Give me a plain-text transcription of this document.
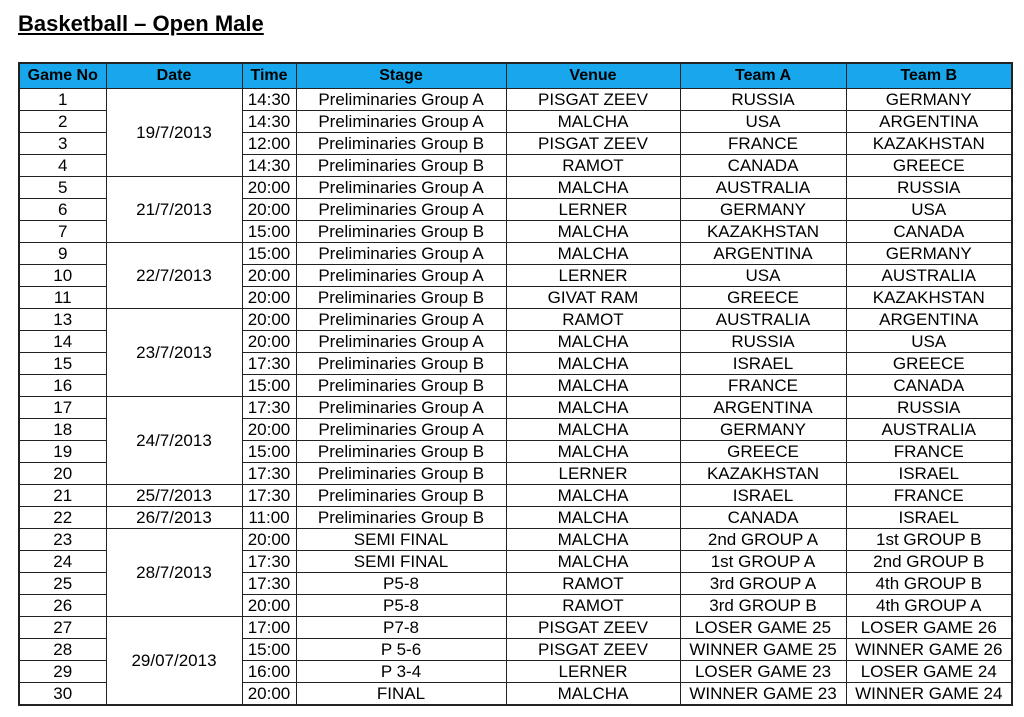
Basketball – Open Male
Game No	Date	Time	Stage	Venue	Team A	Team B
1	19/7/2013	14:30	Preliminaries Group A	PISGAT ZEEV	RUSSIA	GERMANY
2		14:30	Preliminaries Group A	MALCHA	USA	ARGENTINA
3		12:00	Preliminaries Group B	PISGAT ZEEV	FRANCE	KAZAKHSTAN
4		14:30	Preliminaries Group B	RAMOT	CANADA	GREECE
5	21/7/2013	20:00	Preliminaries Group A	MALCHA	AUSTRALIA	RUSSIA
6		20:00	Preliminaries Group A	LERNER	GERMANY	USA
7		15:00	Preliminaries Group B	MALCHA	KAZAKHSTAN	CANADA
9	22/7/2013	15:00	Preliminaries Group A	MALCHA	ARGENTINA	GERMANY
10		20:00	Preliminaries Group A	LERNER	USA	AUSTRALIA
11		20:00	Preliminaries Group B	GIVAT RAM	GREECE	KAZAKHSTAN
13	23/7/2013	20:00	Preliminaries Group A	RAMOT	AUSTRALIA	ARGENTINA
14		20:00	Preliminaries Group A	MALCHA	RUSSIA	USA
15		17:30	Preliminaries Group B	MALCHA	ISRAEL	GREECE
16		15:00	Preliminaries Group B	MALCHA	FRANCE	CANADA
17	24/7/2013	17:30	Preliminaries Group A	MALCHA	ARGENTINA	RUSSIA
18		20:00	Preliminaries Group A	MALCHA	GERMANY	AUSTRALIA
19		15:00	Preliminaries Group B	MALCHA	GREECE	FRANCE
20		17:30	Preliminaries Group B	LERNER	KAZAKHSTAN	ISRAEL
21	25/7/2013	17:30	Preliminaries Group B	MALCHA	ISRAEL	FRANCE
22	26/7/2013	11:00	Preliminaries Group B	MALCHA	CANADA	ISRAEL
23	28/7/2013	20:00	SEMI FINAL	MALCHA	2nd GROUP A	1st GROUP B
24		17:30	SEMI FINAL	MALCHA	1st GROUP A	2nd GROUP B
25		17:30	P5-8	RAMOT	3rd GROUP A	4th GROUP B
26		20:00	P5-8	RAMOT	3rd GROUP B	4th GROUP A
27	29/07/2013	17:00	P7-8	PISGAT ZEEV	LOSER GAME 25	LOSER GAME 26
28		15:00	P 5-6	PISGAT ZEEV	WINNER GAME 25	WINNER GAME 26
29		16:00	P 3-4	LERNER	LOSER GAME 23	LOSER GAME 24
30		20:00	FINAL	MALCHA	WINNER GAME 23	WINNER GAME 24
